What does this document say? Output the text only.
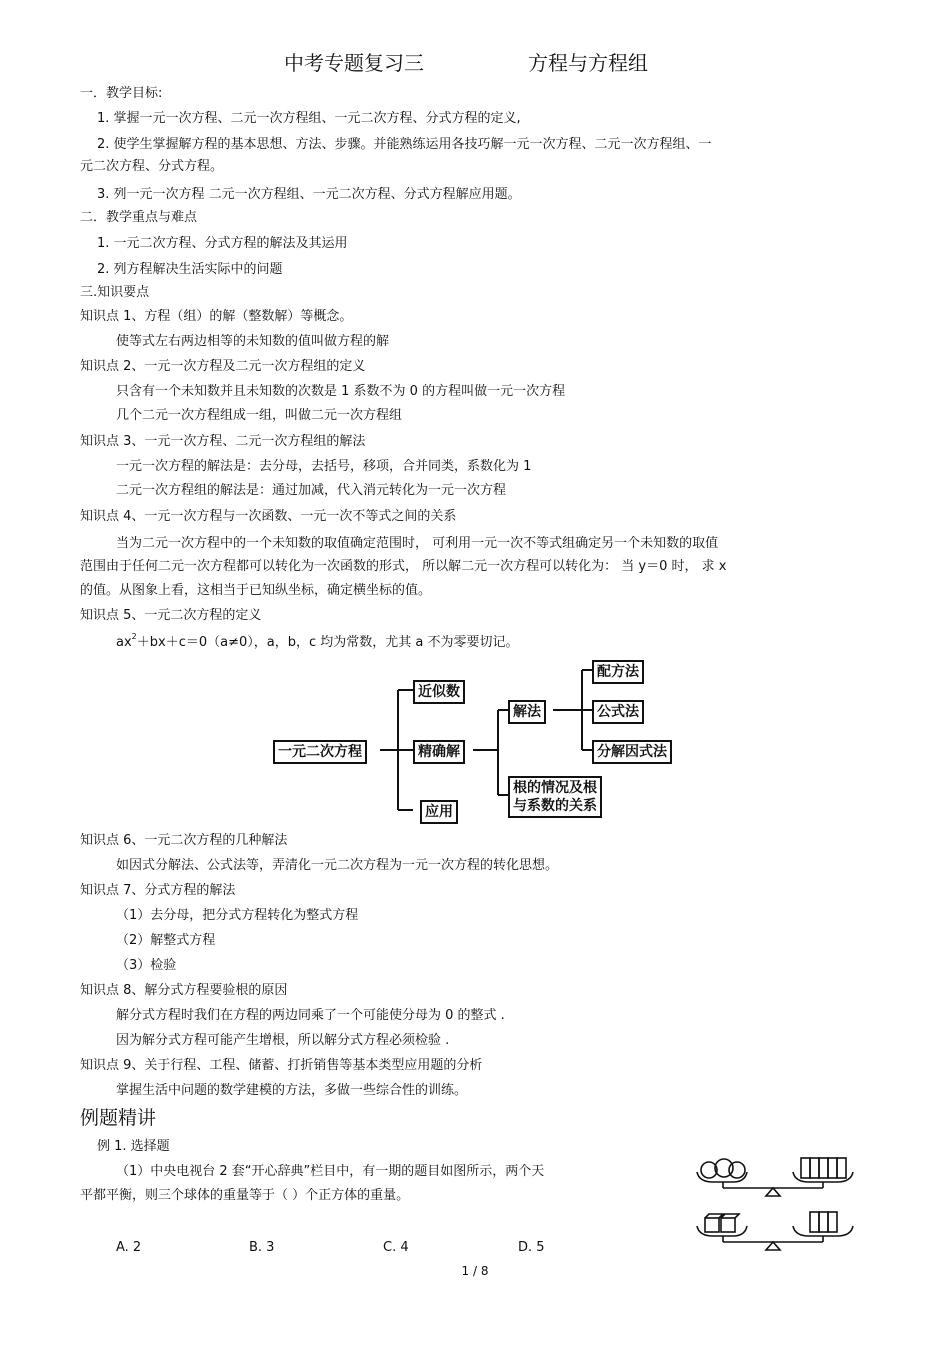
中考专题复习三	方程与方程组
一．教学目标:
1. 掌握一元一次方程、二元一次方程组、一元二次方程、分式方程的定义,
2. 使学生掌握解方程的基本思想、方法、步骤。并能熟练运用各技巧解一元一次方程、二元一次方程组、一
元二次方程、分式方程。
3. 列一元一次方程 二元一次方程组、一元二次方程、分式方程解应用题。
二．教学重点与难点
1. 一元二次方程、分式方程的解法及其运用
2. 列方程解决生活实际中的问题
三.知识要点
知识点 1、方程（组）的解（整数解）等概念。
使等式左右两边相等的未知数的值叫做方程的解
知识点 2、一元一次方程及二元一次方程组的定义
只含有一个未知数并且未知数的次数是 1 系数不为 0 的方程叫做一元一次方程
几个二元一次方程组成一组，叫做二元一次方程组
知识点 3、一元一次方程、二元一次方程组的解法
一元一次方程的解法是：去分母，去括号，移项，合并同类，系数化为 1
二元一次方程组的解法是：通过加减，代入消元转化为一元一次方程
知识点 4、一元一次方程与一次函数、一元一次不等式之间的关系
当为二元一次方程中的一个未知数的取值确定范围时， 可利用一元一次不等式组确定另一个未知数的取值
范围由于任何二元一次方程都可以转化为一次函数的形式， 所以解二元一次方程可以转化为： 当 y＝0 时， 求 x
的值。从图象上看，这相当于已知纵坐标，确定横坐标的值。
知识点 5、一元二次方程的定义
$ax^2+bx+c=0(a\ne 0)$，a，b，c 均为常数，尤其 a 不为零要切记。
一元二次方程
近似数
精确解
应用
解法
根的情况及根
与系数的关系
配方法
公式法
分解因式法
知识点 6、一元二次方程的几种解法
如因式分解法、公式法等，弄清化一元二次方程为一元一次方程的转化思想。
知识点 7、分式方程的解法
（1）去分母，把分式方程转化为整式方程
（2）解整式方程
（3）检验
知识点 8、解分式方程要验根的原因
解分式方程时我们在方程的两边同乘了一个可能使分母为 0 的整式 .
因为解分式方程可能产生增根，所以解分式方程必须检验 .
知识点 9、关于行程、工程、储蓄、打折销售等基本类型应用题的分析
掌握生活中问题的数学建模的方法，多做一些综合性的训练。
例题精讲
例 1. 选择题
（1）中央电视台 2 套“开心辞典”栏目中，有一期的题目如图所示，两个天
平都平衡，则三个球体的重量等于（ ）个正方体的重量。
A. 2	B. 3	C. 4	D. 5
1 / 8
